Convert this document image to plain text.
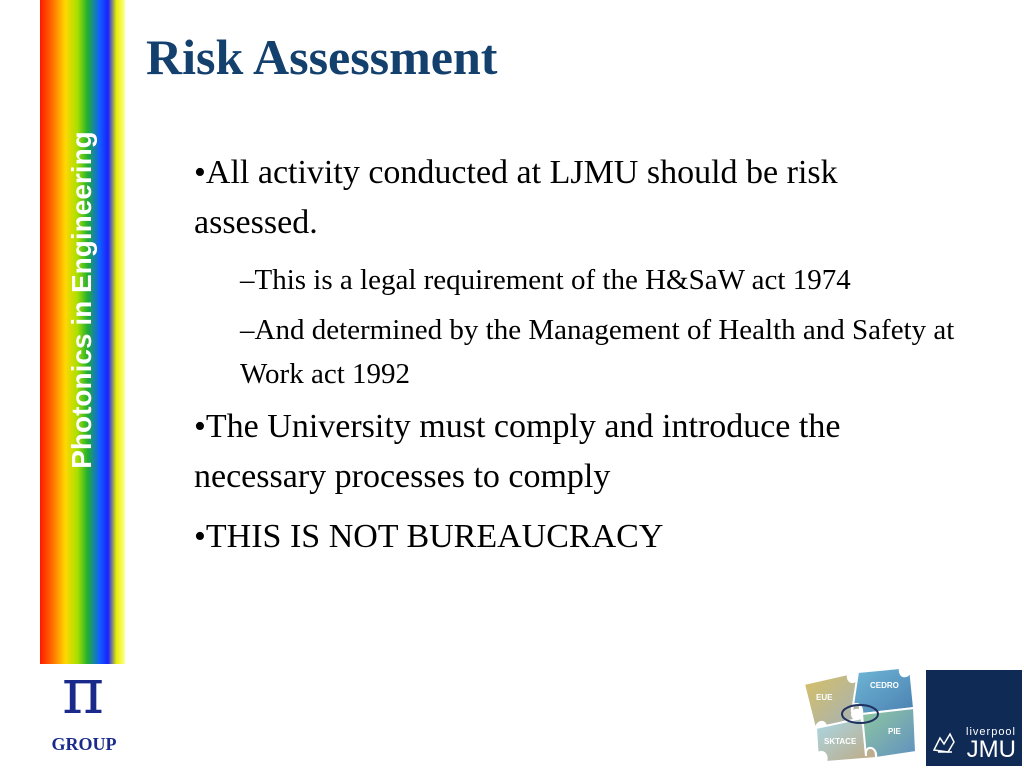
Photonics in Engineering
π
GROUP
Risk Assessment

•All activity conducted at LJMU should be risk assessed.

–This is a legal requirement of the H&SaW act 1974

–And determined by the Management of Health and Safety at Work act 1992

•The University must comply and introduce the necessary processes to comply

•THIS IS NOT BUREAUCRACY

EUE
CEDRO
SKTACE
PIE	liverpool
JMU
